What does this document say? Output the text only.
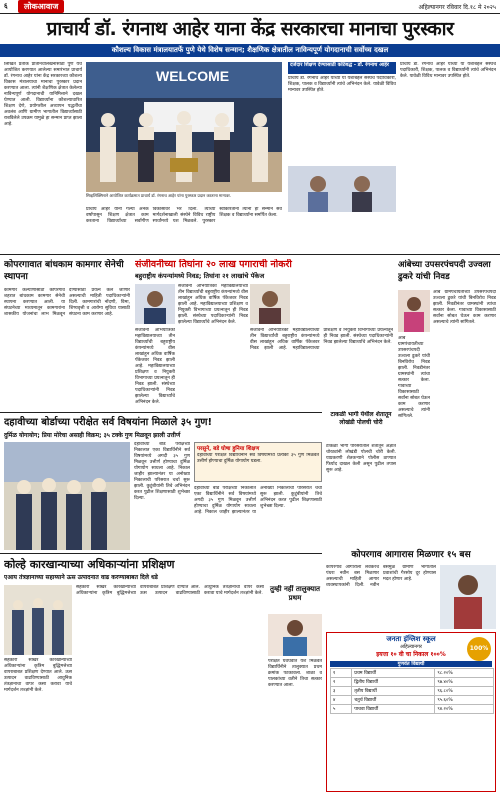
६	लोकआवाज	अहिल्यानगर रविवार दि.१८ मे २०२५
प्राचार्य डॉ. रंगनाथ आहेर याना केंद्र सरकारचा मानाचा पुरस्कार
कौशल्य विकास मंत्रालयातर्फे पुणे येथे विशेष सन्मान; शैक्षणिक क्षेत्रातील नाविन्यपूर्ण योगदानाची सर्वोच्च दखल
लिखित प्रतीक प्रतिनिधीलेखनासाठी पुणे येथे आयोजित करण्यात आलेल्या समारंभात प्राचार्य डॉ. रंगनाथ आहेर यांना केंद्र सरकारच्या कौशल्य विकास मंत्रालयाचा मानाचा पुरस्कार प्रदान करण्यात आला. त्यांनी शैक्षणिक क्षेत्रात केलेल्या नाविन्यपूर्ण योगदानाची यानिमित्ताने दखल घेण्यात आली. विद्यार्थ्यांना कौशल्याधारित शिक्षण देणे, प्रयोगशील अध्यापन पद्धतींचा अवलंब आणि ग्रामीण भागातील विद्यार्थ्यांसाठी राबविलेले उपक्रम यामुळे हा सन्मान प्राप्त झाला आहे.
WELCOME
सिव्हलिंक्सिनाने आयोजित कार्यक्रमात प्राचार्य डॉ. रंगनाथ आहेर यांना पुरस्कार प्रदान करताना मान्यवर.
प्राचार्य आहेर यांनी गेल्या अनेक वर्षांपासून शिक्षण क्षेत्रात काम करताना विद्यार्थ्यांच्या सर्वांगीण विकासावर भर दिला. त्यांच्या मार्गदर्शनाखाली संस्थेने विविध राष्ट्रीय स्पर्धांमध्ये यश मिळवले. पुरस्कार स्वीकारताना त्यांनी हा सन्मान सर्व शिक्षक व विद्यार्थ्यांना समर्पित केला.
दर्जेदार शिक्षण देण्यासाठी कटिबद्ध - डॉ. रंगनाथ आहेर
प्राचार्य डॉ. रंगनाथ आहेर यांच्या या यशाबद्दल संस्थेचे पदाधिकारी, शिक्षक, पालक व विद्यार्थ्यांनी त्यांचे अभिनंदन केले. यावेळी विविध मान्यवर उपस्थित होते.
प्राचार्य डॉ. रंगनाथ आहेर यांच्या या यशाबद्दल संस्थेचे पदाधिकारी, शिक्षक, पालक व विद्यार्थ्यांनी त्यांचे अभिनंदन केले. यावेळी विविध मान्यवर उपस्थित होते.
कोपरगावात बांधकाम कामगार सेनेची स्थापना
कामगार कल्याणासाठी कोपरगाव शहरात बांधकाम कामगार सेनेची स्थापना करण्यात आली. या संघटनेच्या माध्यमातून कामगारांना शासकीय योजनांचा लाभ मिळवून देण्यासाठी प्रयत्न केले जाणार असल्याची माहिती पदाधिकाऱ्यांनी दिली. कामगारांची नोंदणी, विमा, शिष्यवृत्ती व आरोग्य सुविधा यासाठी संघटना काम करणार आहे.
संजीवनीच्या तिघांना २० लाख पगाराची नोकरी
बहुराष्ट्रीय कंपन्यांमध्ये निवड; तिघांना २१ लाखांचे पॅकेज
संजीवनी अभियांत्रिकी महाविद्यालयाच्या तीन विद्यार्थ्यांची बहुराष्ट्रीय कंपन्यांमध्ये वीस लाखांहून अधिक वार्षिक पॅकेजवर निवड झाली आहे. महाविद्यालयाच्या प्रशिक्षण व नियुक्ती विभागाच्या प्रयत्नातून ही निवड झाली. संस्थेच्या पदाधिकाऱ्यांनी निवड झालेल्या विद्यार्थ्यांचे अभिनंदन केले.
संजीवनी अभियांत्रिकी महाविद्यालयाच्या तीन विद्यार्थ्यांची बहुराष्ट्रीय कंपन्यांमध्ये वीस लाखांहून अधिक वार्षिक पॅकेजवर निवड झाली आहे. महाविद्यालयाच्या प्रशिक्षण व नियुक्ती विभागाच्या प्रयत्नातून ही निवड झाली. संस्थेच्या पदाधिकाऱ्यांनी निवड झालेल्या विद्यार्थ्यांचे अभिनंदन केले.
संजीवनी अभियांत्रिकी महाविद्यालयाच्या तीन विद्यार्थ्यांची बहुराष्ट्रीय कंपन्यांमध्ये वीस लाखांहून अधिक वार्षिक पॅकेजवर निवड झाली आहे. महाविद्यालयाच्या प्रशिक्षण व नियुक्ती विभागाच्या प्रयत्नातून ही निवड झाली. संस्थेच्या पदाधिकाऱ्यांनी निवड झालेल्या विद्यार्थ्यांचे अभिनंदन केले.
आंबेच्या उपसरपंचपदी उज्वला ढुकरे यांची निवड
आंबे ग्रामपंचायतीच्या उपसरपंचपदी उज्वला ढुकरे यांची बिनविरोध निवड झाली. निवडीनंतर ग्रामस्थांनी त्यांचा सत्कार केला. गावाच्या विकासासाठी सर्वांना सोबत घेऊन काम करणार असल्याचे त्यांनी सांगितले.
आंबे ग्रामपंचायतीच्या उपसरपंचपदी उज्वला ढुकरे यांची बिनविरोध निवड झाली. निवडीनंतर ग्रामस्थांनी त्यांचा सत्कार केला. गावाच्या विकासासाठी सर्वांना सोबत घेऊन काम करणार असल्याचे त्यांनी सांगितले.
टाकळी भागी येथील शेतातून लोखंडी पोलची चोरी
दहावीच्या बोर्डाच्या परीक्षेत सर्व विषयांना मिळाले ३५ गुण!
दुर्मिळ योगायोग; प्रिया मोरेचा असाही विक्रम; ३५ टक्के गुण मिळवून झाली उत्तीर्ण
दहावीच्या बोर्ड परीक्षेच्या निकालात एका विद्यार्थिनीने सर्व विषयांमध्ये अगदी ३५ गुण मिळवून उत्तीर्ण होण्याचा दुर्मिळ योगायोग साधला आहे. निकाल जाहीर झाल्यानंतर या अनोख्या निकालाची परिसरात चर्चा सुरू झाली. कुटुंबीयांनी तिचे अभिनंदन करत पुढील शिक्षणासाठी शुभेच्छा दिल्या.
परसुने, बडे घोषा हुनिया शिक्षण
दहावीच्या परीक्षेत विद्यार्थिनीने सर्व विषयांमध्ये प्रत्येकी ३५ गुण मिळवत उत्तीर्ण होण्याचा दुर्मिळ योगायोग घडला.
दहावीच्या बोर्ड परीक्षेच्या निकालात एका विद्यार्थिनीने सर्व विषयांमध्ये अगदी ३५ गुण मिळवून उत्तीर्ण होण्याचा दुर्मिळ योगायोग साधला आहे. निकाल जाहीर झाल्यानंतर या अनोख्या निकालाची परिसरात चर्चा सुरू झाली. कुटुंबीयांनी तिचे अभिनंदन करत पुढील शिक्षणासाठी शुभेच्छा दिल्या.
टाकळी भागी परिसरातील शेतातून अज्ञात चोरट्यांनी लोखंडी पोलची चोरी केली. याप्रकरणी शेतकऱ्याने पोलीस ठाण्यात फिर्याद दाखल केली असून पुढील तपास सुरू आहे.
कोपरगाव आगारास मिळणार १५ बस
कोपरगाव आगाराला लवकरच पंधरा नवीन बस मिळणार असल्याची माहिती आगार व्यवस्थापकांनी दिली. नवीन बसमुळे ग्रामीण भागातील प्रवाशांची गैरसोय दूर होण्यास मदत होणार आहे.
कोल्हे कारखान्याच्या अधिकाऱ्यांना प्रशिक्षण
एआय तंत्रज्ञानाच्या सहाय्याने ऊस उत्पादनात वाढ करण्याबाबत दिले धडे
सहकारी साखर कारखान्याच्या अधिकाऱ्यांना कृत्रिम बुद्धिमत्तेच्या वापराबाबत प्रशिक्षण देण्यात आले. ऊस उत्पादन वाढविण्यासाठी आधुनिक तंत्रज्ञानाचा वापर कसा करावा याचे मार्गदर्शन तज्ज्ञांनी केले.
सहकारी साखर कारखान्याच्या अधिकाऱ्यांना कृत्रिम बुद्धिमत्तेच्या वापराबाबत प्रशिक्षण देण्यात आले. ऊस उत्पादन वाढविण्यासाठी आधुनिक तंत्रज्ञानाचा वापर कसा करावा याचे मार्गदर्शन तज्ज्ञांनी केले.
तुम्ही नहीं तालुक्यात प्रथम
परीक्षेत घवघवीत यश मिळवत विद्यार्थिनीने तालुक्यात प्रथम क्रमांक पटकावला. शाळा व पालकांच्या वतीने तिचा सत्कार करण्यात आला.
जनता इंग्लिश स्कूल
अहिल्यानगर
इयत्ता १० वी चा निकाल १००%
100%
गुणवंत विद्यार्थी
१	प्रथम विद्यार्थी	९८.२०%
२	द्वितीय विद्यार्थी	९७.४०%
३	तृतीय विद्यार्थी	९६.८०%
४	चतुर्थ विद्यार्थी	९५.६०%
५	पाचवा विद्यार्थी	९४.२०%
